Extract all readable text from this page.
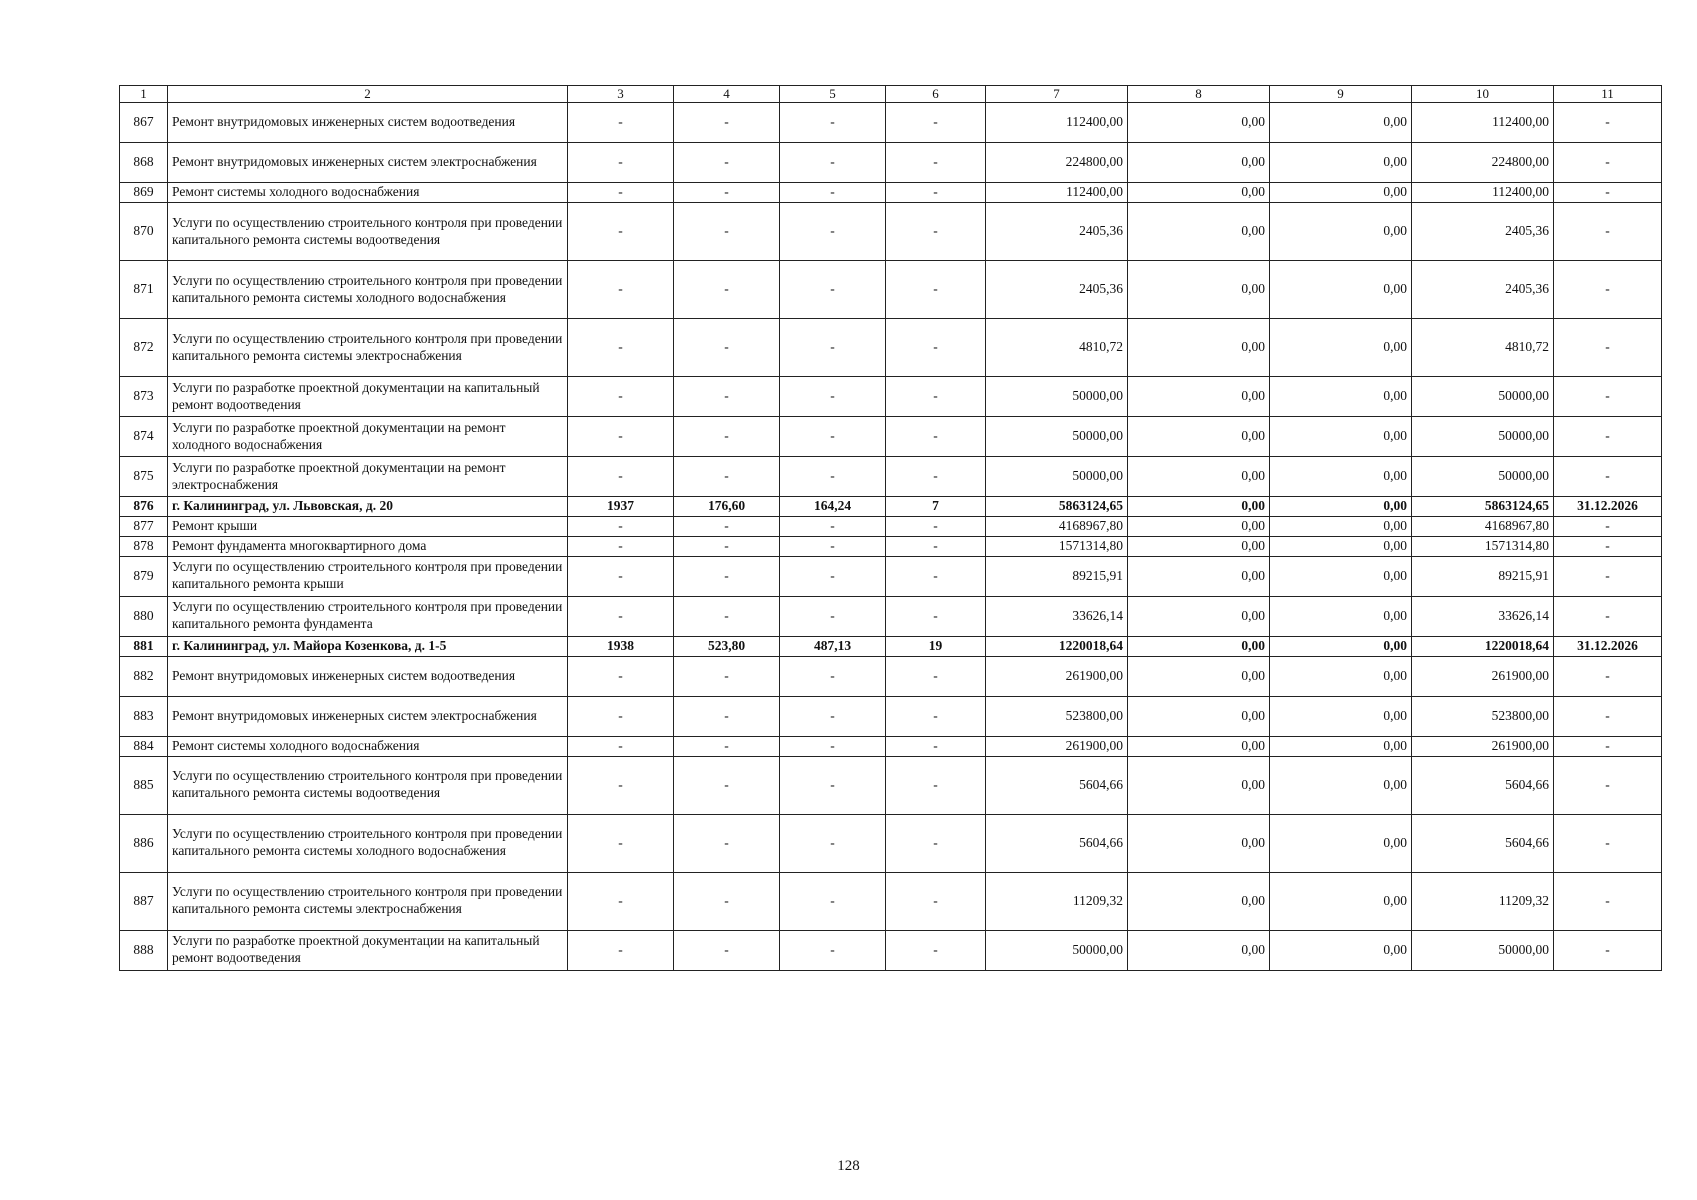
1	2	3	4	5	6	7	8	9	10	11
867	Ремонт внутридомовых инженерных систем водоотведения	-	-	-	-	112400,00	0,00	0,00	112400,00	-
868	Ремонт внутридомовых инженерных систем электроснабжения	-	-	-	-	224800,00	0,00	0,00	224800,00	-
869	Ремонт системы холодного водоснабжения	-	-	-	-	112400,00	0,00	0,00	112400,00	-
870	Услуги по осуществлению строительного контроля при проведении капитального ремонта системы водоотведения	-	-	-	-	2405,36	0,00	0,00	2405,36	-
871	Услуги по осуществлению строительного контроля при проведении капитального ремонта системы холодного водоснабжения	-	-	-	-	2405,36	0,00	0,00	2405,36	-
872	Услуги по осуществлению строительного контроля при проведении капитального ремонта системы электроснабжения	-	-	-	-	4810,72	0,00	0,00	4810,72	-
873	Услуги по разработке проектной документации на капитальный ремонт водоотведения	-	-	-	-	50000,00	0,00	0,00	50000,00	-
874	Услуги по разработке проектной документации на ремонт холодного водоснабжения	-	-	-	-	50000,00	0,00	0,00	50000,00	-
875	Услуги по разработке проектной документации на ремонт электроснабжения	-	-	-	-	50000,00	0,00	0,00	50000,00	-
876	г. Калининград, ул. Львовская, д. 20	1937	176,60	164,24	7	5863124,65	0,00	0,00	5863124,65	31.12.2026
877	Ремонт крыши	-	-	-	-	4168967,80	0,00	0,00	4168967,80	-
878	Ремонт фундамента многоквартирного дома	-	-	-	-	1571314,80	0,00	0,00	1571314,80	-
879	Услуги по осуществлению строительного контроля при проведении капитального ремонта крыши	-	-	-	-	89215,91	0,00	0,00	89215,91	-
880	Услуги по осуществлению строительного контроля при проведении капитального ремонта фундамента	-	-	-	-	33626,14	0,00	0,00	33626,14	-
881	г. Калининград, ул. Майора Козенкова, д. 1-5	1938	523,80	487,13	19	1220018,64	0,00	0,00	1220018,64	31.12.2026
882	Ремонт внутридомовых инженерных систем водоотведения	-	-	-	-	261900,00	0,00	0,00	261900,00	-
883	Ремонт внутридомовых инженерных систем электроснабжения	-	-	-	-	523800,00	0,00	0,00	523800,00	-
884	Ремонт системы холодного водоснабжения	-	-	-	-	261900,00	0,00	0,00	261900,00	-
885	Услуги по осуществлению строительного контроля при проведении капитального ремонта системы водоотведения	-	-	-	-	5604,66	0,00	0,00	5604,66	-
886	Услуги по осуществлению строительного контроля при проведении капитального ремонта системы холодного водоснабжения	-	-	-	-	5604,66	0,00	0,00	5604,66	-
887	Услуги по осуществлению строительного контроля при проведении капитального ремонта системы электроснабжения	-	-	-	-	11209,32	0,00	0,00	11209,32	-
888	Услуги по разработке проектной документации на капитальный ремонт водоотведения	-	-	-	-	50000,00	0,00	0,00	50000,00	-
128
